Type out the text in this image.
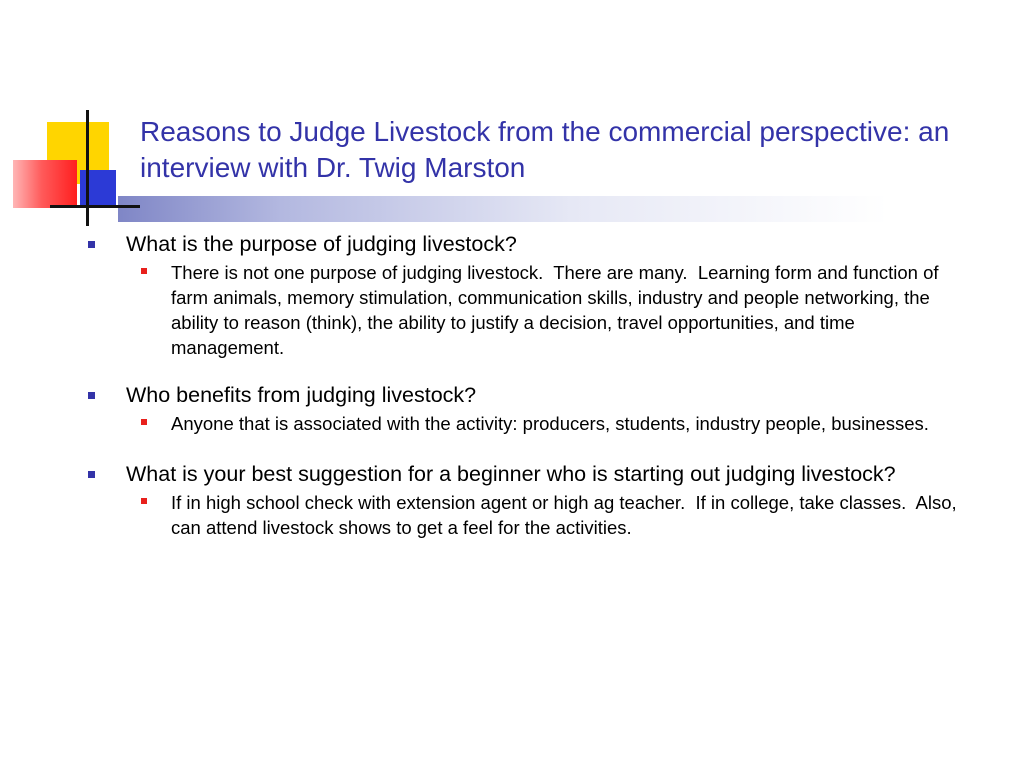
Reasons to Judge Livestock from the commercial perspective: an interview with Dr. Twig Marston
What is the purpose of judging livestock?
There is not one purpose of judging livestock.  There are many.  Learning form and function of farm animals, memory stimulation, communication skills, industry and people networking, the ability to reason (think), the ability to justify a decision, travel opportunities, and time management.
Who benefits from judging livestock?
Anyone that is associated with the activity: producers, students, industry people, businesses.
What is your best suggestion for a beginner who is starting out judging livestock?
If in high school check with extension agent or high ag teacher.  If in college, take classes.  Also, can attend livestock shows to get a feel for the activities.
